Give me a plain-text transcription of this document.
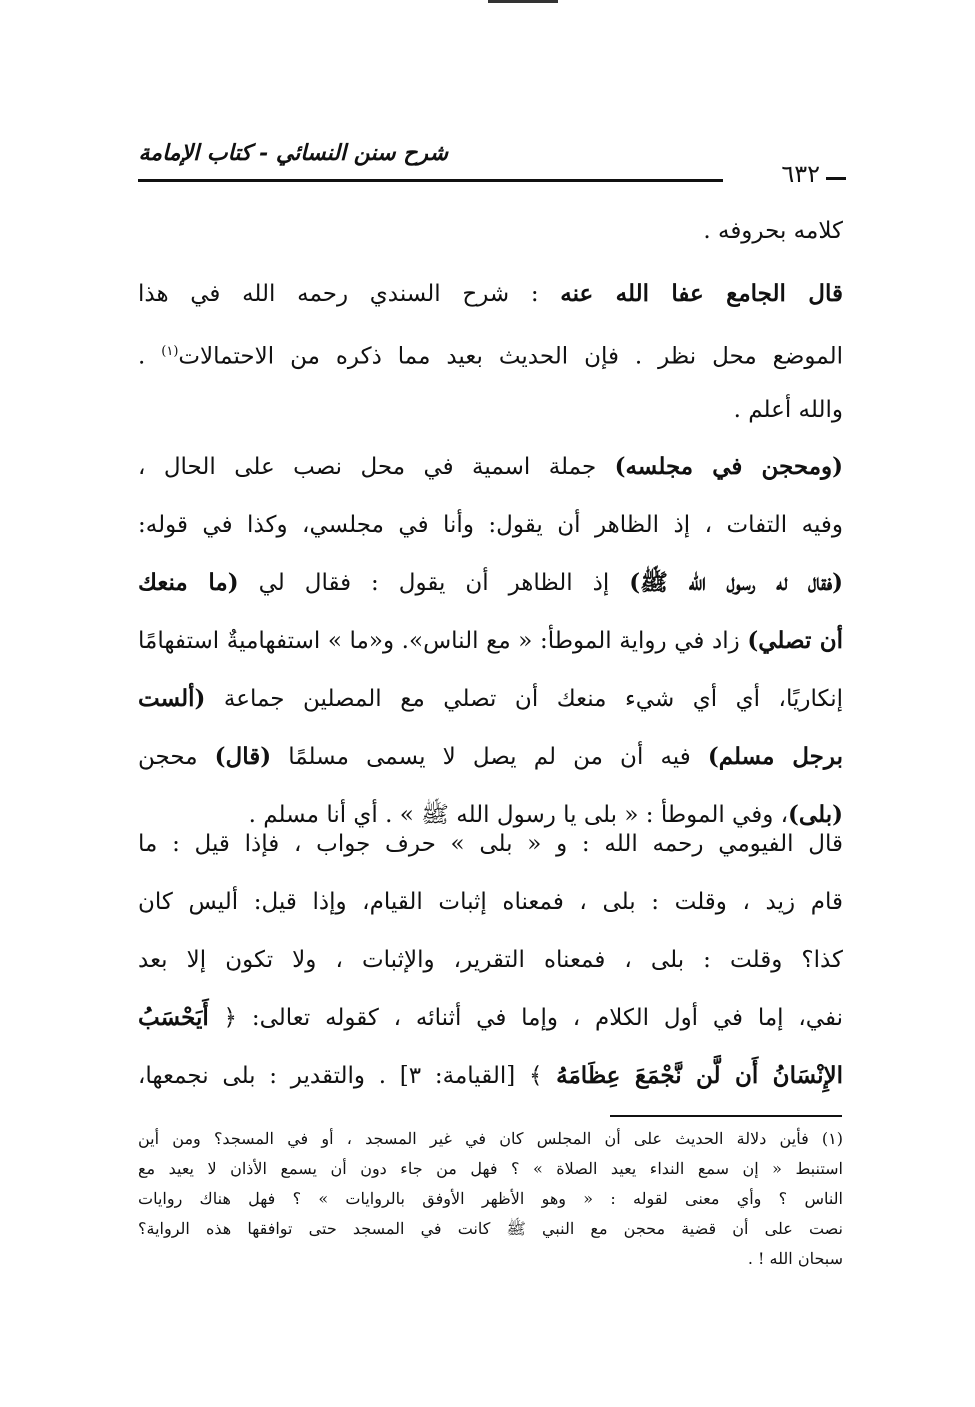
شرح سنن النسائي - كتاب الإمامة
٦٣٢
كلامه بحروفه .
قال الجامع عفا الله عنه : شرح السندي رحمه الله في هذا
الموضع محل نظر . فإن الحديث بعيد مما ذكره من الاحتمالات$^{(١)}$ .
والله أعلم .
(ومحجن في مجلسه) جملة اسمية في محل نصب على الحال ،
وفيه التفات ، إذ الظاهر أن يقول: وأنا في مجلسي، وكذا في قوله:
(فقال له رسول الله ﷺ) إذ الظاهر أن يقول : فقال لي (ما منعك
أن تصلي) زاد في رواية الموطأ: « مع الناس». و«ما » استفهاميةٌ استفهامًا
إنكاريًا، أي أي شيء منعك أن تصلي مع المصلين جماعة (ألست
برجل مسلم) فيه أن من لم يصل لا يسمى مسلمًا (قال) محجن
(بلى)، وفي الموطأ : « بلى يا رسول الله ﷺ » . أي أنا مسلم .
قال الفيومي رحمه الله : و « بلى » حرف جواب ، فإذا قيل : ما
قام زيد ، وقلت : بلى ، فمعناه إثبات القيام، وإذا قيل: أليس كان
كذا؟ وقلت : بلى ، فمعناه التقرير، والإثبات ، ولا تكون إلا بعد
نفي، إما في أول الكلام ، وإما في أثنائه ، كقوله تعالى: ﴿ أَيَحْسَبُ
الإِنْسَانُ أَن لَّن نَّجْمَعَ عِظَامَهُ ﴾ [القيامة: ٣] . والتقدير : بلى نجمعها،
(١) فأين دلالة الحديث على أن المجلس كان في غير المسجد ، أو في المسجد؟ ومن أين
استنبط « إن سمع النداء يعيد الصلاة » ؟ فهل من جاء دون أن يسمع الأذان لا يعيد مع
الناس ؟ وأي معنى لقوله : « وهو الأظهر الأوفق بالروايات » ؟ فهل هناك روايات
نصت على أن قضية محجن مع النبي ﷺ كانت في المسجد حتى توافقها هذه الرواية؟
سبحان الله ! .
